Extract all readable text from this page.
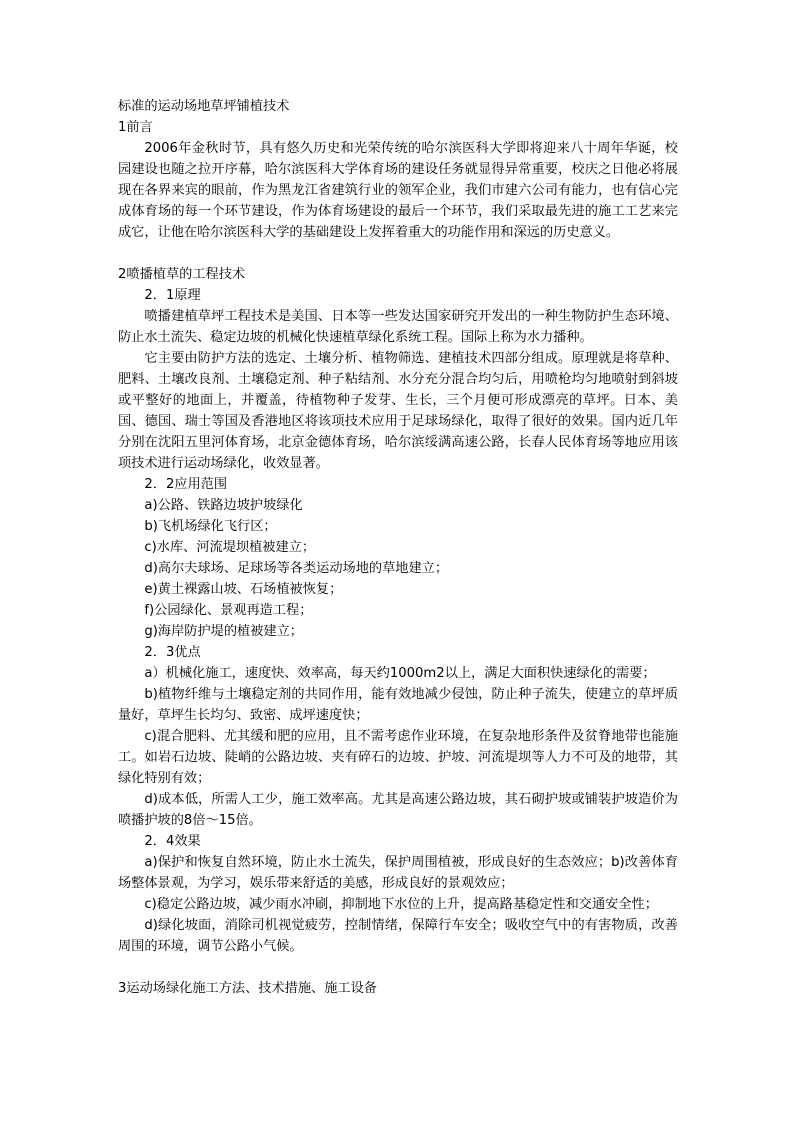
标准的运动场地草坪铺植技术
1前言

2006年金秋时节，具有悠久历史和光荣传统的哈尔滨医科大学即将迎来八十周年华诞，校园建设也随之拉开序幕，哈尔滨医科大学体育场的建设任务就显得异常重要，校庆之日他必将展现在各界来宾的眼前，作为黑龙江省建筑行业的领军企业，我们市建六公司有能力，也有信心完成体育场的每一个环节建设，作为体育场建设的最后一个环节，我们采取最先进的施工工艺来完成它，让他在哈尔滨医科大学的基础建设上发挥着重大的功能作用和深远的历史意义。

2喷播植草的工程技术
2．1原理

喷播建植草坪工程技术是美国、日本等一些发达国家研究开发出的一种生物防护生态环境、防止水土流失、稳定边坡的机械化快速植草绿化系统工程。国际上称为水力播种。

它主要由防护方法的选定、土壤分析、植物筛选、建植技术四部分组成。原理就是将草种、肥料、土壤改良剂、土壤稳定剂、种子粘结剂、水分充分混合均匀后，用喷枪均匀地喷射到斜坡或平整好的地面上，并覆盖，待植物种子发芽、生长，三个月便可形成漂亮的草坪。日本、美国、德国、瑞士等国及香港地区将该项技术应用于足球场绿化，取得了很好的效果。国内近几年分别在沈阳五里河体育场，北京金德体育场，哈尔滨绥满高速公路，长春人民体育场等地应用该项技术进行运动场绿化，收效显著。

2．2应用范围
a)公路、铁路边坡护坡绿化
b)飞机场绿化飞行区；
c)水库、河流堤坝植被建立；
d)高尔夫球场、足球场等各类运动场地的草地建立；
e)黄土裸露山坡、石场植被恢复；
f)公园绿化、景观再造工程；
g)海岸防护堤的植被建立；
2．3优点

a）机械化施工，速度快、效率高，每天约1000m2以上，满足大面积快速绿化的需要；

b)植物纤维与土壤稳定剂的共同作用，能有效地减少侵蚀，防止种子流失，使建立的草坪质量好，草坪生长均匀、致密、成坪速度快；

c)混合肥料、尤其缓和肥的应用，且不需考虑作业环境，在复杂地形条件及贫脊地带也能施工。如岩石边坡、陡峭的公路边坡、夹有碎石的边坡、护坡、河流堤坝等人力不可及的地带，其绿化特别有效；

d)成本低，所需人工少，施工效率高。尤其是高速公路边坡，其石砌护坡或铺装护坡造价为喷播护坡的8倍～15倍。

2．4效果

a)保护和恢复自然环境，防止水土流失，保护周围植被，形成良好的生态效应；b)改善体育场整体景观，为学习，娱乐带来舒适的美感，形成良好的景观效应；

c)稳定公路边坡，减少雨水冲刷，抑制地下水位的上升，提高路基稳定性和交通安全性；

d)绿化坡面，消除司机视觉疲劳，控制情绪，保障行车安全；吸收空气中的有害物质，改善周围的环境，调节公路小气候。

3运动场绿化施工方法、技术措施、施工设备
